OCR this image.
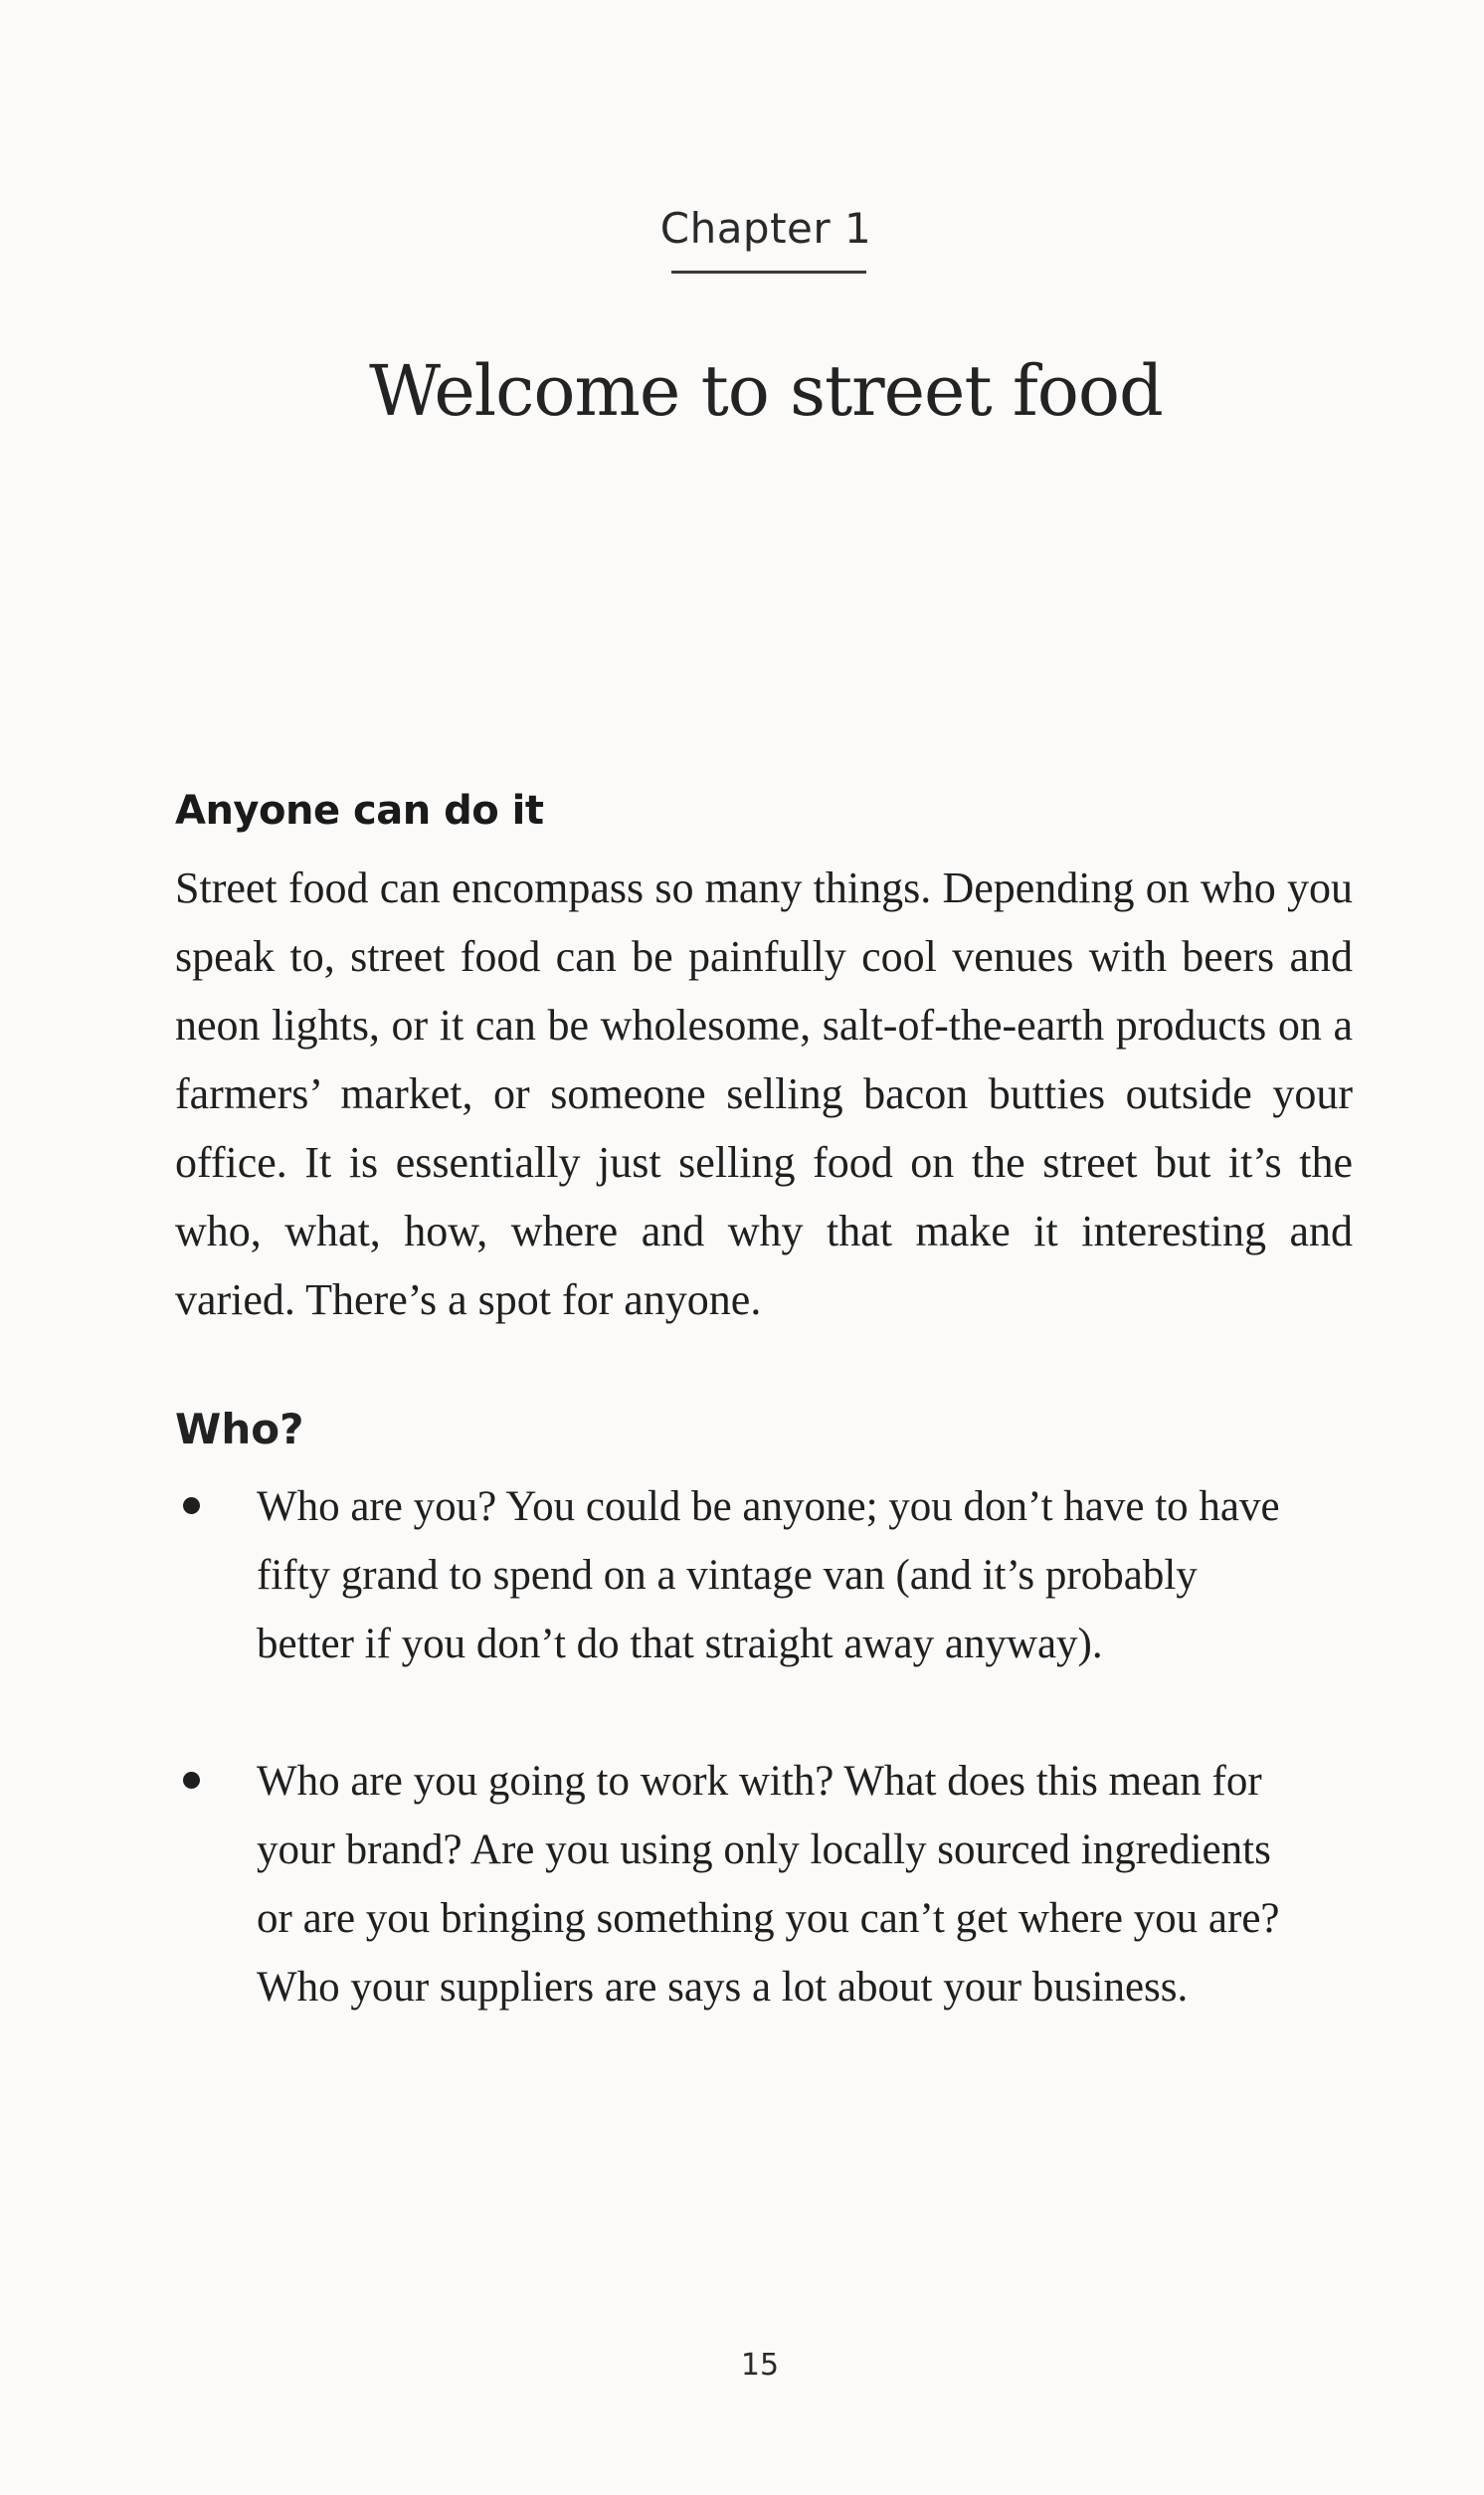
Chapter 1
Welcome to street food
Anyone can do it

Street food can encompass so many things. Depending on who you speak to, street food can be painfully cool venues with beers and neon lights, or it can be wholesome, salt-of-the-earth products on a farmers’ market, or someone selling bacon butties outside your office. It is essentially just selling food on the street but it’s the who, what, how, where and why that make it interesting and varied. There’s a spot for anyone.

Who?
Who are you? You could be anyone; you don’t have to have fifty grand to spend on a vintage van (and it’s probably better if you don’t do that straight away anyway).
Who are you going to work with? What does this mean for your brand? Are you using only locally sourced ingredients or are you bringing something you can’t get where you are? Who your suppliers are says a lot about your business.
15
